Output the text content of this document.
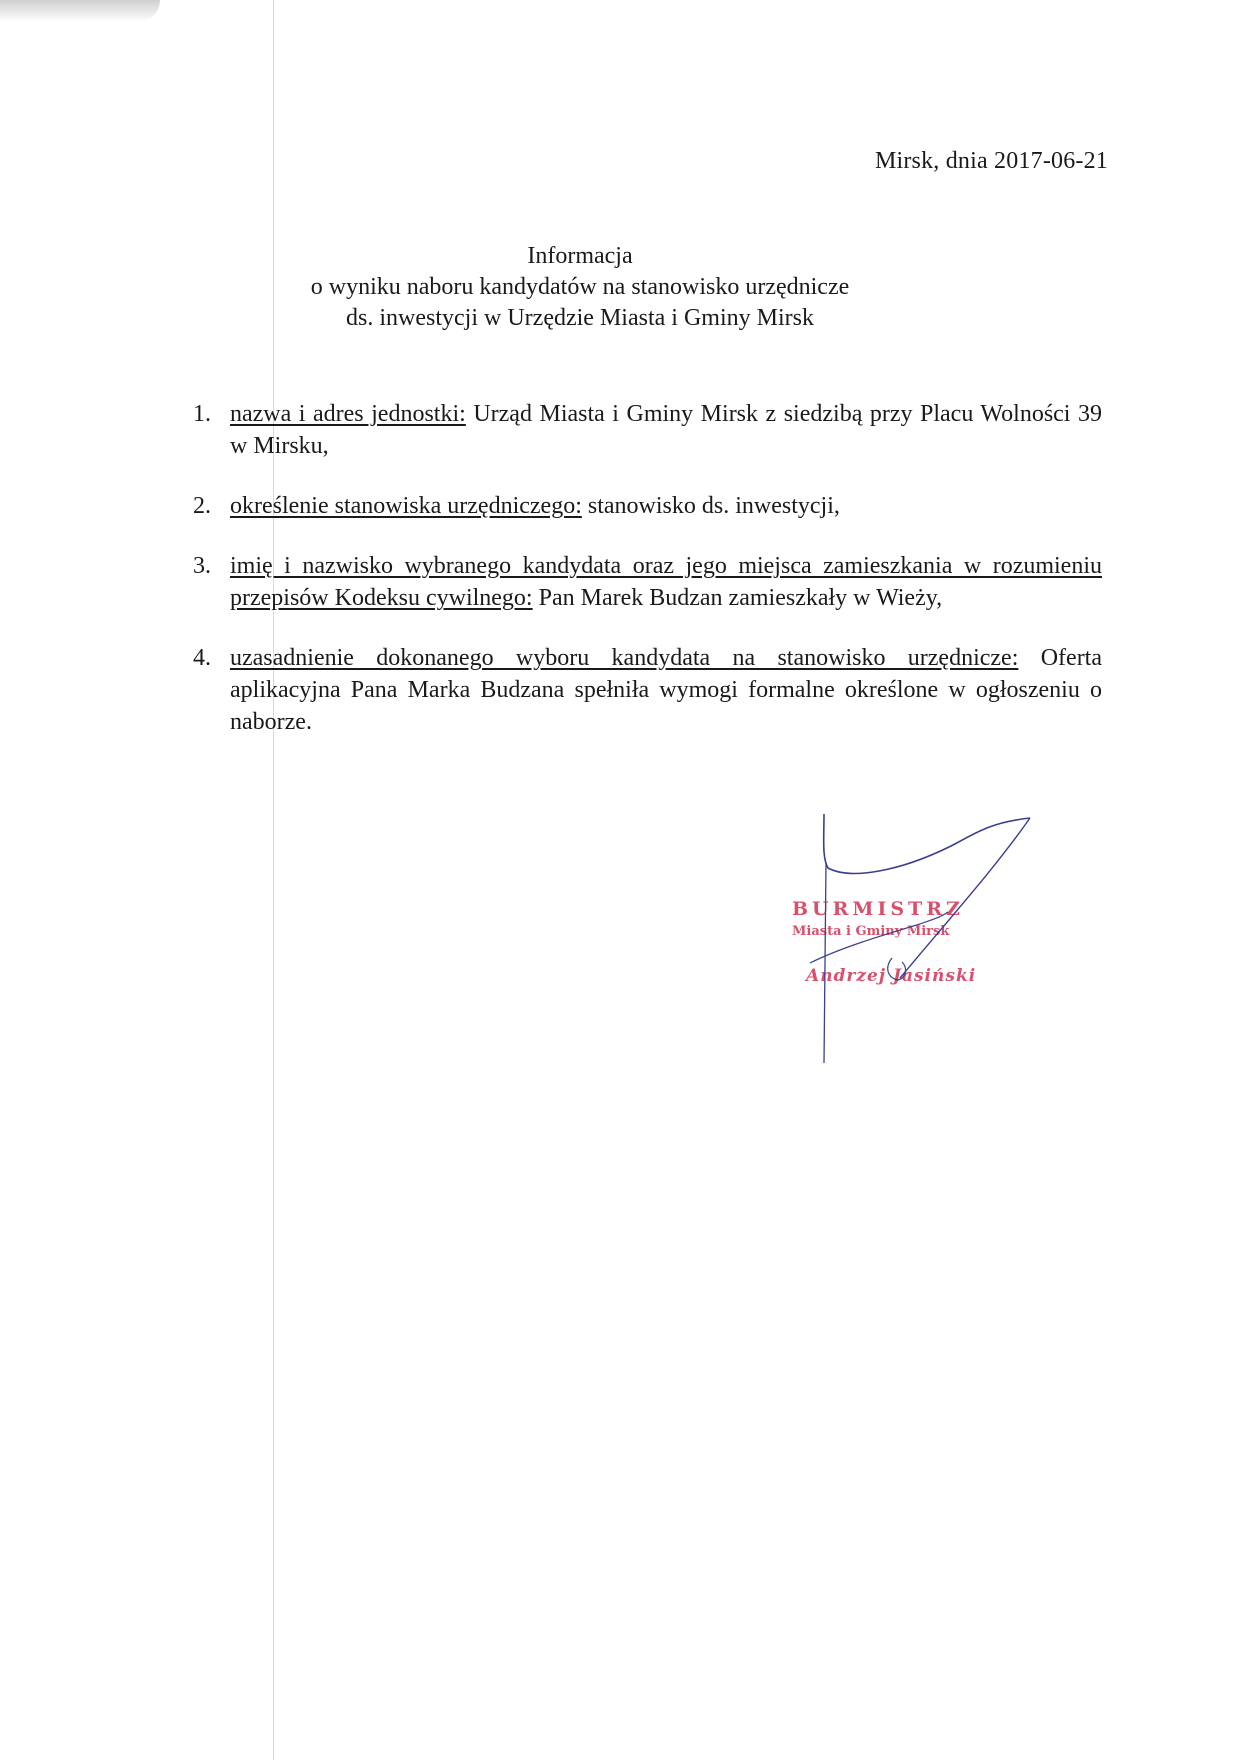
Mirsk, dnia 2017-06-21
Informacja
o wyniku naboru kandydatów na stanowisko urzędnicze
ds. inwestycji w Urzędzie Miasta i Gminy Mirsk
1. nazwa i adres jednostki: Urząd Miasta i Gminy Mirsk z siedzibą przy Placu Wolności 39 w Mirsku,
2. określenie stanowiska urzędniczego: stanowisko ds. inwestycji,
3. imię i nazwisko wybranego kandydata oraz jego miejsca zamieszkania w rozumieniu przepisów Kodeksu cywilnego: Pan Marek Budzan zamieszkały w Wieży,
4. uzasadnienie dokonanego wyboru kandydata na stanowisko urzędnicze: Oferta aplikacyjna Pana Marka Budzana spełniła wymogi formalne określone w ogłoszeniu o naborze.
BURMISTRZ
Miasta i Gminy Mirsk
Andrzej Jasiński
